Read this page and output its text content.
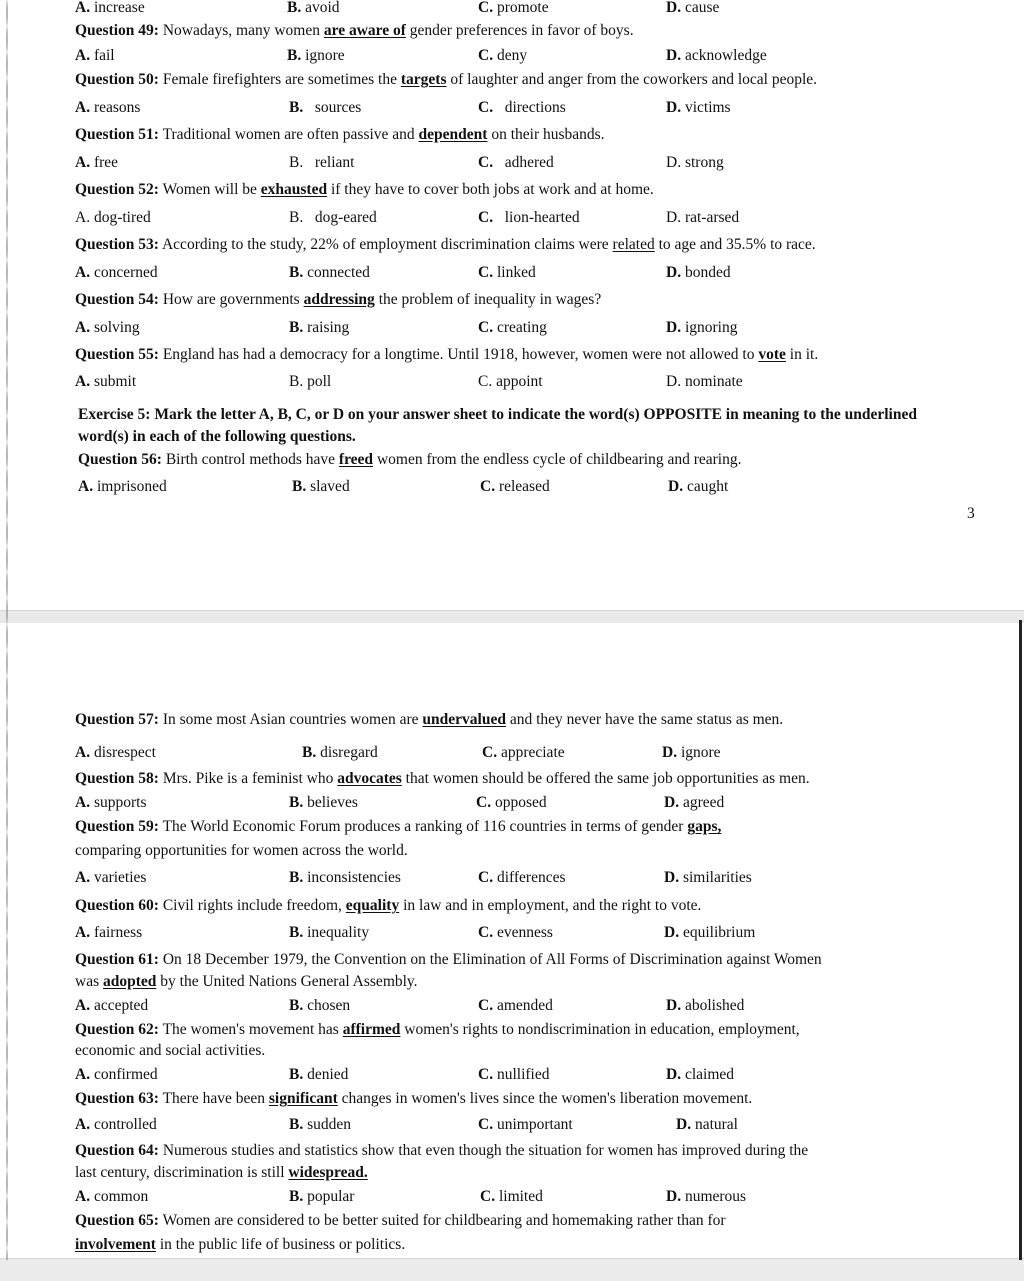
A. increase	B. avoid	C. promote	D. cause
Question 49: Nowadays, many women are aware of gender preferences in favor of boys.
A. fail	B. ignore	C. deny	D. acknowledge
Question 50: Female firefighters are sometimes the targets of laughter and anger from the coworkers and local people.
A. reasons	B. sources	C. directions	D. victims
Question 51: Traditional women are often passive and dependent on their husbands.
A. free	B. reliant	C. adhered	D. strong
Question 52: Women will be exhausted if they have to cover both jobs at work and at home.
A. dog-tired	B. dog-eared	C. lion-hearted	D. rat-arsed
Question 53: According to the study, 22% of employment discrimination claims were related to age and 35.5% to race.
A. concerned	B. connected	C. linked	D. bonded
Question 54: How are governments addressing the problem of inequality in wages?
A. solving	B. raising	C. creating	D. ignoring
Question 55: England has had a democracy for a longtime. Until 1918, however, women were not allowed to vote in it.
A. submit	B. poll	C. appoint	D. nominate
Exercise 5: Mark the letter A, B, C, or D on your answer sheet to indicate the word(s) OPPOSITE in meaning to the underlined word(s) in each of the following questions.
Question 56: Birth control methods have freed women from the endless cycle of childbearing and rearing.
A. imprisoned	B. slaved	C. released	D. caught
3
Question 57: In some most Asian countries women are undervalued and they never have the same status as men.
A. disrespect	B. disregard	C. appreciate	D. ignore
Question 58: Mrs. Pike is a feminist who advocates that women should be offered the same job opportunities as men.
A. supports	B. believes	C. opposed	D. agreed
Question 59: The World Economic Forum produces a ranking of 116 countries in terms of gender gaps,
comparing opportunities for women across the world.
A. varieties	B. inconsistencies	C. differences	D. similarities
Question 60: Civil rights include freedom, equality in law and in employment, and the right to vote.
A. fairness	B. inequality	C. evenness	D. equilibrium
Question 61: On 18 December 1979, the Convention on the Elimination of All Forms of Discrimination against Women
was adopted by the United Nations General Assembly.
A. accepted	B. chosen	C. amended	D. abolished
Question 62: The women's movement has affirmed women's rights to nondiscrimination in education, employment,
economic and social activities.
A. confirmed	B. denied	C. nullified	D. claimed
Question 63: There have been significant changes in women's lives since the women's liberation movement.
A. controlled	B. sudden	C. unimportant	D. natural
Question 64: Numerous studies and statistics show that even though the situation for women has improved during the
last century, discrimination is still widespread.
A. common	B. popular	C. limited	D. numerous
Question 65: Women are considered to be better suited for childbearing and homemaking rather than for
involvement in the public life of business or politics.
